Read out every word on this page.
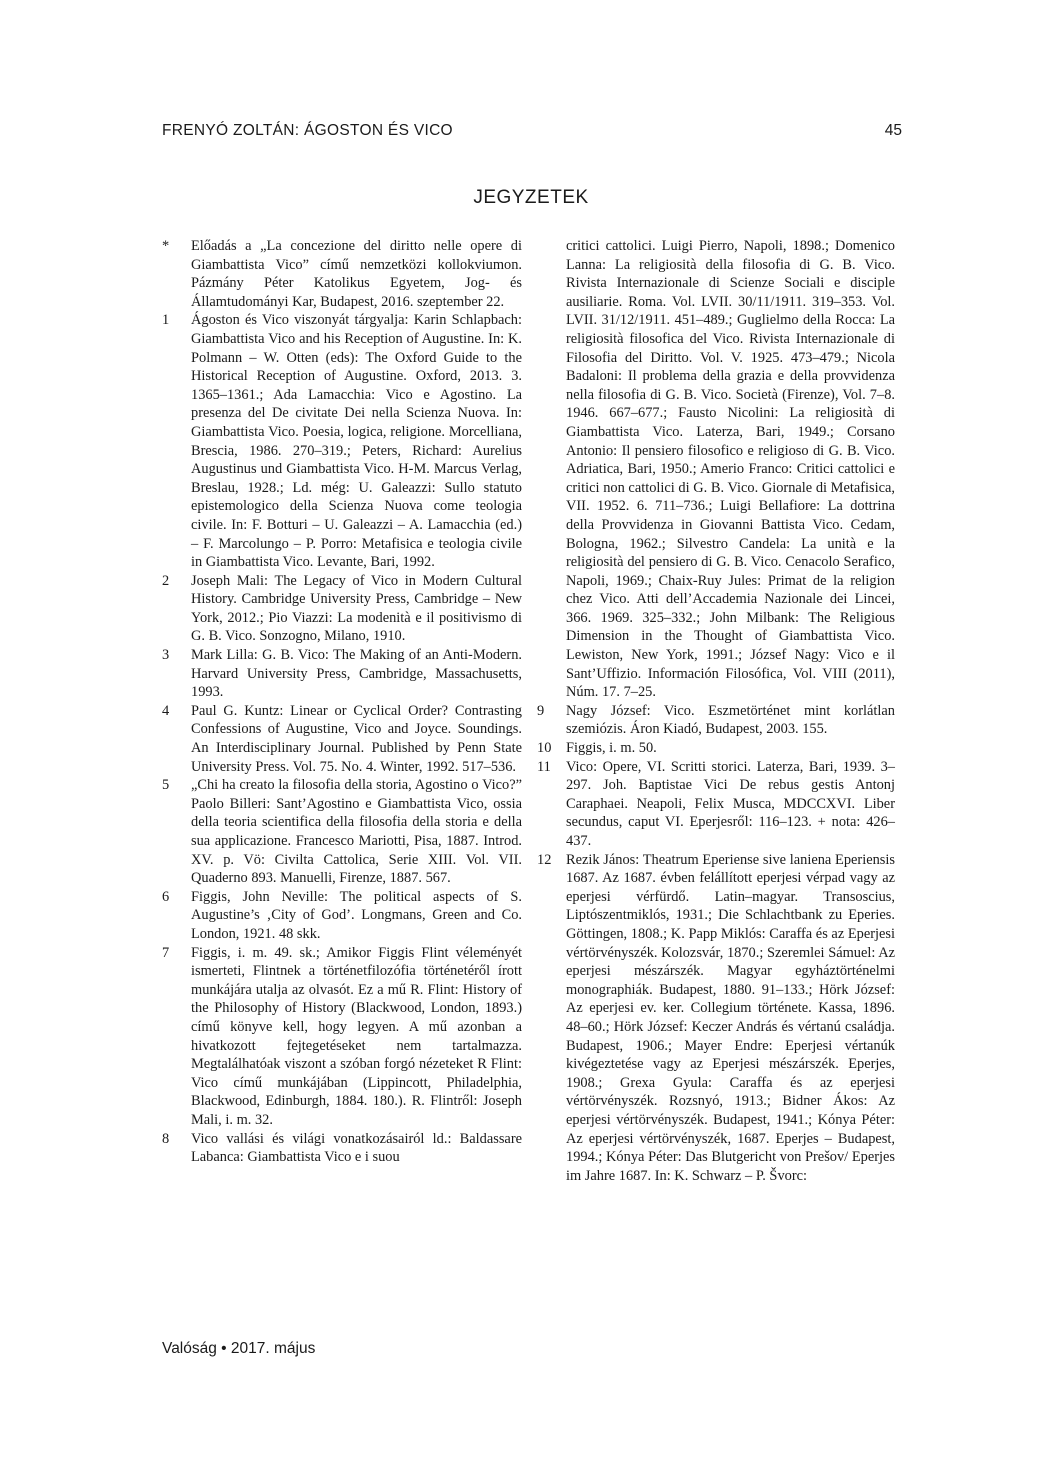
FRENYÓ ZOLTÁN: ÁGOSTON ÉS VICO	45
JEGYZETEK
* Előadás a „La concezione del diritto nelle opere di Giambattista Vico” című nemzetközi kollokviumon. Pázmány Péter Katolikus Egyetem, Jog- és Államtudományi Kar, Budapest, 2016. szeptember 22.
1 Ágoston és Vico viszonyát tárgyalja: Karin Schlapbach: Giambattista Vico and his Reception of Augustine. In: K. Polmann – W. Otten (eds): The Oxford Guide to the Historical Reception of Augustine. Oxford, 2013. 3. 1365–1361.; Ada Lamacchia: Vico e Agostino. La presenza del De civitate Dei nella Scienza Nuova. In: Giambattista Vico. Poesia, logica, religione. Morcelliana, Brescia, 1986. 270–319.; Peters, Richard: Aurelius Augustinus und Giambattista Vico. H-M. Marcus Verlag, Breslau, 1928.; Ld. még: U. Galeazzi: Sullo statuto epistemologico della Scienza Nuova come teologia civile. In: F. Botturi – U. Galeazzi – A. Lamacchia (ed.) – F. Marcolungo – P. Porro: Metafisica e teologia civile in Giambattista Vico. Levante, Bari, 1992.
2 Joseph Mali: The Legacy of Vico in Modern Cultural History. Cambridge University Press, Cambridge – New York, 2012.; Pio Viazzi: La modenità e il positivismo di G. B. Vico. Sonzogno, Milano, 1910.
3 Mark Lilla: G. B. Vico: The Making of an Anti-Modern. Harvard University Press, Cambridge, Massachusetts, 1993.
4 Paul G. Kuntz: Linear or Cyclical Order? Contrasting Confessions of Augustine, Vico and Joyce. Soundings. An Interdisciplinary Journal. Published by Penn State University Press. Vol. 75. No. 4. Winter, 1992. 517–536.
5 „Chi ha creato la filosofia della storia, Agostino o Vico?” Paolo Billeri: Sant’Agostino e Giambattista Vico, ossia della teoria scientifica della filosofia della storia e della sua applicazione. Francesco Mariotti, Pisa, 1887. Introd. XV. p. Vö: Civilta Cattolica, Serie XIII. Vol. VII. Quaderno 893. Manuelli, Firenze, 1887. 567.
6 Figgis, John Neville: The political aspects of S. Augustine’s ‚City of God’. Longmans, Green and Co. London, 1921. 48 skk.
7 Figgis, i. m. 49. sk.; Amikor Figgis Flint véleményét ismerteti, Flintnek a történetfilozófia történetéről írott munkájára utalja az olvasót. Ez a mű R. Flint: History of the Philosophy of History (Blackwood, London, 1893.) című könyve kell, hogy legyen. A mű azonban a hivatkozott fejtegetéseket nem tartalmazza. Megtalálhatóak viszont a szóban forgó nézeteket R Flint: Vico című munkájában (Lippincott, Philadelphia, Blackwood, Edinburgh, 1884. 180.). R. Flintről: Joseph Mali, i. m. 32.
8 Vico vallási és világi vonatkozásairól ld.: Baldassare Labanca: Giambattista Vico e i suou
critici cattolici. Luigi Pierro, Napoli, 1898.; Domenico Lanna: La religiosità della filosofia di G. B. Vico. Rivista Internazionale di Scienze Sociali e disciple ausiliarie. Roma. Vol. LVII. 30/11/1911. 319–353. Vol. LVII. 31/12/1911. 451–489.; Guglielmo della Rocca: La religiosità filosofica del Vico. Rivista Internazionale di Filosofia del Diritto. Vol. V. 1925. 473–479.; Nicola Badaloni: Il problema della grazia e della provvidenza nella filosofia di G. B. Vico. Società (Firenze), Vol. 7–8. 1946. 667–677.; Fausto Nicolini: La religiosità di Giambattista Vico. Laterza, Bari, 1949.; Corsano Antonio: Il pensiero filosofico e religioso di G. B. Vico. Adriatica, Bari, 1950.; Amerio Franco: Critici cattolici e critici non cattolici di G. B. Vico. Giornale di Metafisica, VII. 1952. 6. 711–736.; Luigi Bellafiore: La dottrina della Provvidenza in Giovanni Battista Vico. Cedam, Bologna, 1962.; Silvestro Candela: La unità e la religiosità del pensiero di G. B. Vico. Cenacolo Serafico, Napoli, 1969.; Chaix-Ruy Jules: Primat de la religion chez Vico. Atti dell’Accademia Nazionale dei Lincei, 366. 1969. 325–332.; John Milbank: The Religious Dimension in the Thought of Giambattista Vico. Lewiston, New York, 1991.; József Nagy: Vico e il Sant’Uffizio. Información Filosófica, Vol. VIII (2011), Núm. 17. 7–25.
9 Nagy József: Vico. Eszmetörténet mint korlátlan szemiózis. Áron Kiadó, Budapest, 2003. 155.
10 Figgis, i. m. 50.
11 Vico: Opere, VI. Scritti storici. Laterza, Bari, 1939. 3–297. Joh. Baptistae Vici De rebus gestis Antonj Caraphaei. Neapoli, Felix Musca, MDCCXVI. Liber secundus, caput VI. Eperjesről: 116–123. + nota: 426–437.
12 Rezik János: Theatrum Eperiense sive laniena Eperiensis 1687. Az 1687. évben felállított eperjesi vérpad vagy az eperjesi vérfürdő. Latin–magyar. Transoscius, Liptószentmiklós, 1931.; Die Schlachtbank zu Eperies. Göttingen, 1808.; K. Papp Miklós: Caraffa és az Eperjesi vértörvényszék. Kolozsvár, 1870.; Szeremlei Sámuel: Az eperjesi mészárszék. Magyar egyháztörténelmi monographiák. Budapest, 1880. 91–133.; Hörk József: Az eperjesi ev. ker. Collegium története. Kassa, 1896. 48–60.; Hörk József: Keczer András és vértanú családja. Budapest, 1906.; Mayer Endre: Eperjesi vértanúk kivégeztetése vagy az Eperjesi mészárszék. Eperjes, 1908.; Grexa Gyula: Caraffa és az eperjesi vértörvényszék. Rozsnyó, 1913.; Bidner Ákos: Az eperjesi vértörvényszék. Budapest, 1941.; Kónya Péter: Az eperjesi vértörvényszék, 1687. Eperjes – Budapest, 1994.; Kónya Péter: Das Blutgericht von Prešov/ Eperjes im Jahre 1687. In: K. Schwarz – P. Švorc:
Valóság • 2017. május
